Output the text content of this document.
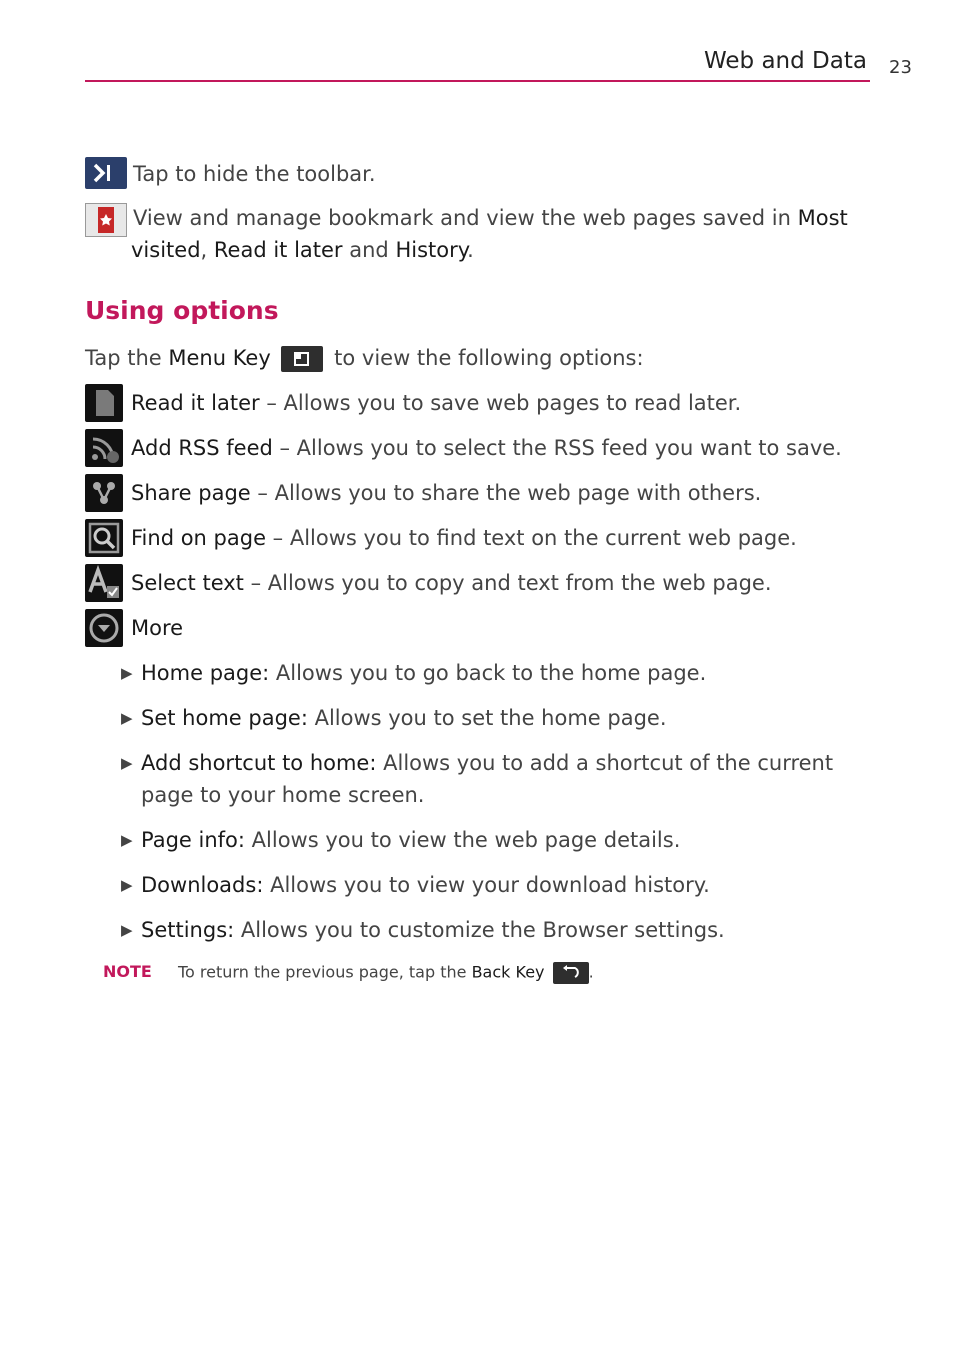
Web and Data 23
Tap to hide the toolbar.
View and manage bookmark and view the web pages saved in Most
visited, Read it later and History.
Using options
Tap the Menu Key	to view the following options:
Read it later – Allows you to save web pages to read later.
Add RSS feed – Allows you to select the RSS feed you want to save.
Share page – Allows you to share the web page with others.
Find on page – Allows you to find text on the current web page.
Select text – Allows you to copy and text from the web page.
More
▶ Home page: Allows you to go back to the home page.
▶ Set home page: Allows you to set the home page.
▶ Add shortcut to home: Allows you to add a shortcut of the current
page to your home screen.
▶ Page info: Allows you to view the web page details.
▶ Downloads: Allows you to view your download history.
▶ Settings: Allows you to customize the Browser settings.
NOTE To return the previous page, tap the Back Key	.
